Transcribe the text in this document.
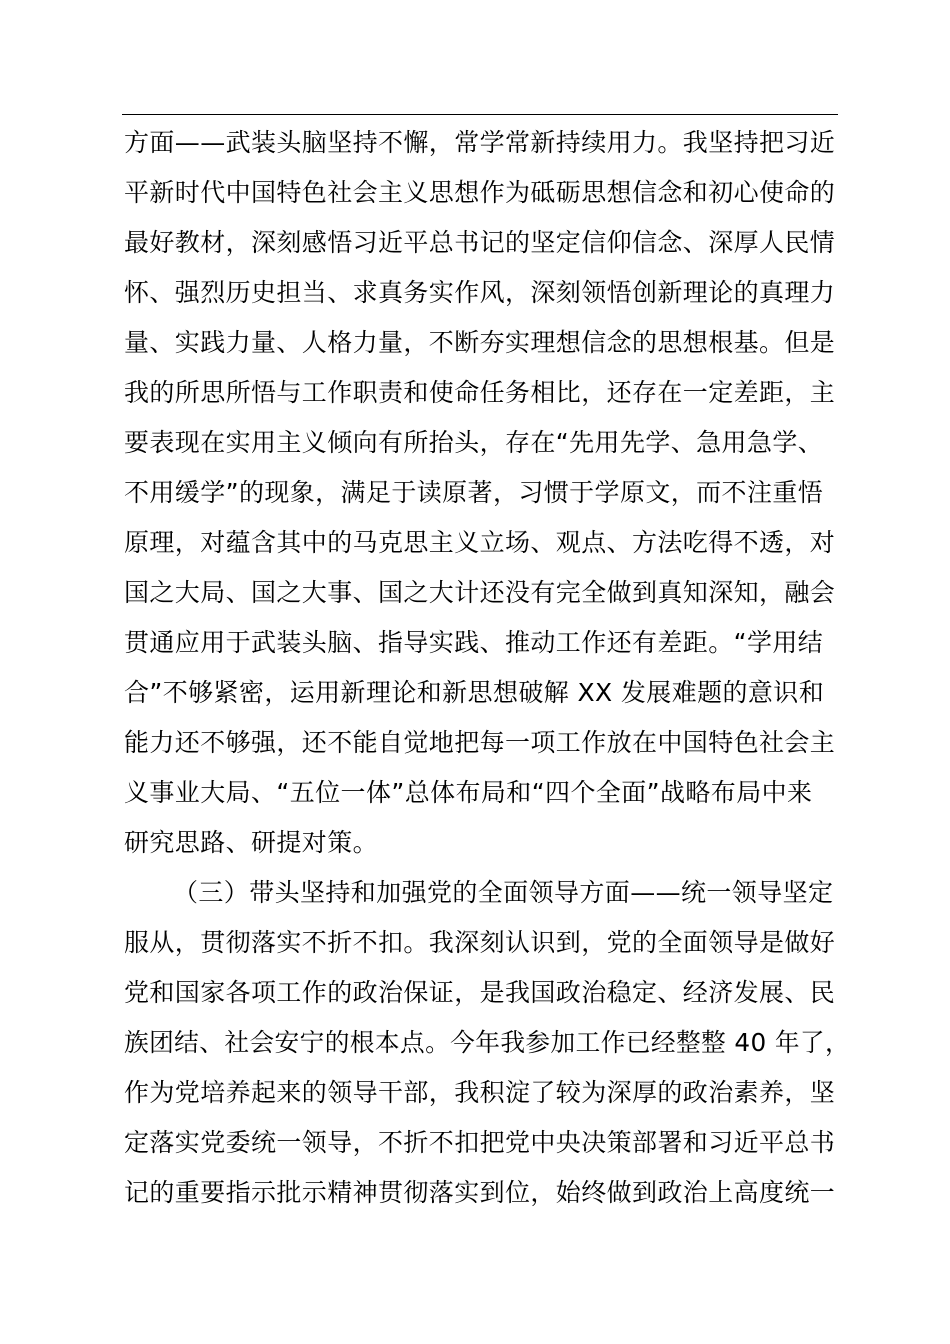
方面——武装头脑坚持不懈，常学常新持续用力。我坚持把习近
平新时代中国特色社会主义思想作为砥砺思想信念和初心使命的
最好教材，深刻感悟习近平总书记的坚定信仰信念、深厚人民情
怀、强烈历史担当、求真务实作风，深刻领悟创新理论的真理力
量、实践力量、人格力量，不断夯实理想信念的思想根基。但是
我的所思所悟与工作职责和使命任务相比，还存在一定差距，主
要表现在实用主义倾向有所抬头，存在“先用先学、急用急学、
不用缓学”的现象，满足于读原著，习惯于学原文，而不注重悟
原理，对蕴含其中的马克思主义立场、观点、方法吃得不透，对
国之大局、国之大事、国之大计还没有完全做到真知深知，融会
贯通应用于武装头脑、指导实践、推动工作还有差距。“学用结
合”不够紧密，运用新理论和新思想破解 XX 发展难题的意识和
能力还不够强，还不能自觉地把每一项工作放在中国特色社会主
义事业大局、“五位一体”总体布局和“四个全面”战略布局中来
研究思路、研提对策。
（三）带头坚持和加强党的全面领导方面——统一领导坚定
服从，贯彻落实不折不扣。我深刻认识到，党的全面领导是做好
党和国家各项工作的政治保证，是我国政治稳定、经济发展、民
族团结、社会安宁的根本点。今年我参加工作已经整整 40 年了，
作为党培养起来的领导干部，我积淀了较为深厚的政治素养，坚
定落实党委统一领导，不折不扣把党中央决策部署和习近平总书
记的重要指示批示精神贯彻落实到位，始终做到政治上高度统一
